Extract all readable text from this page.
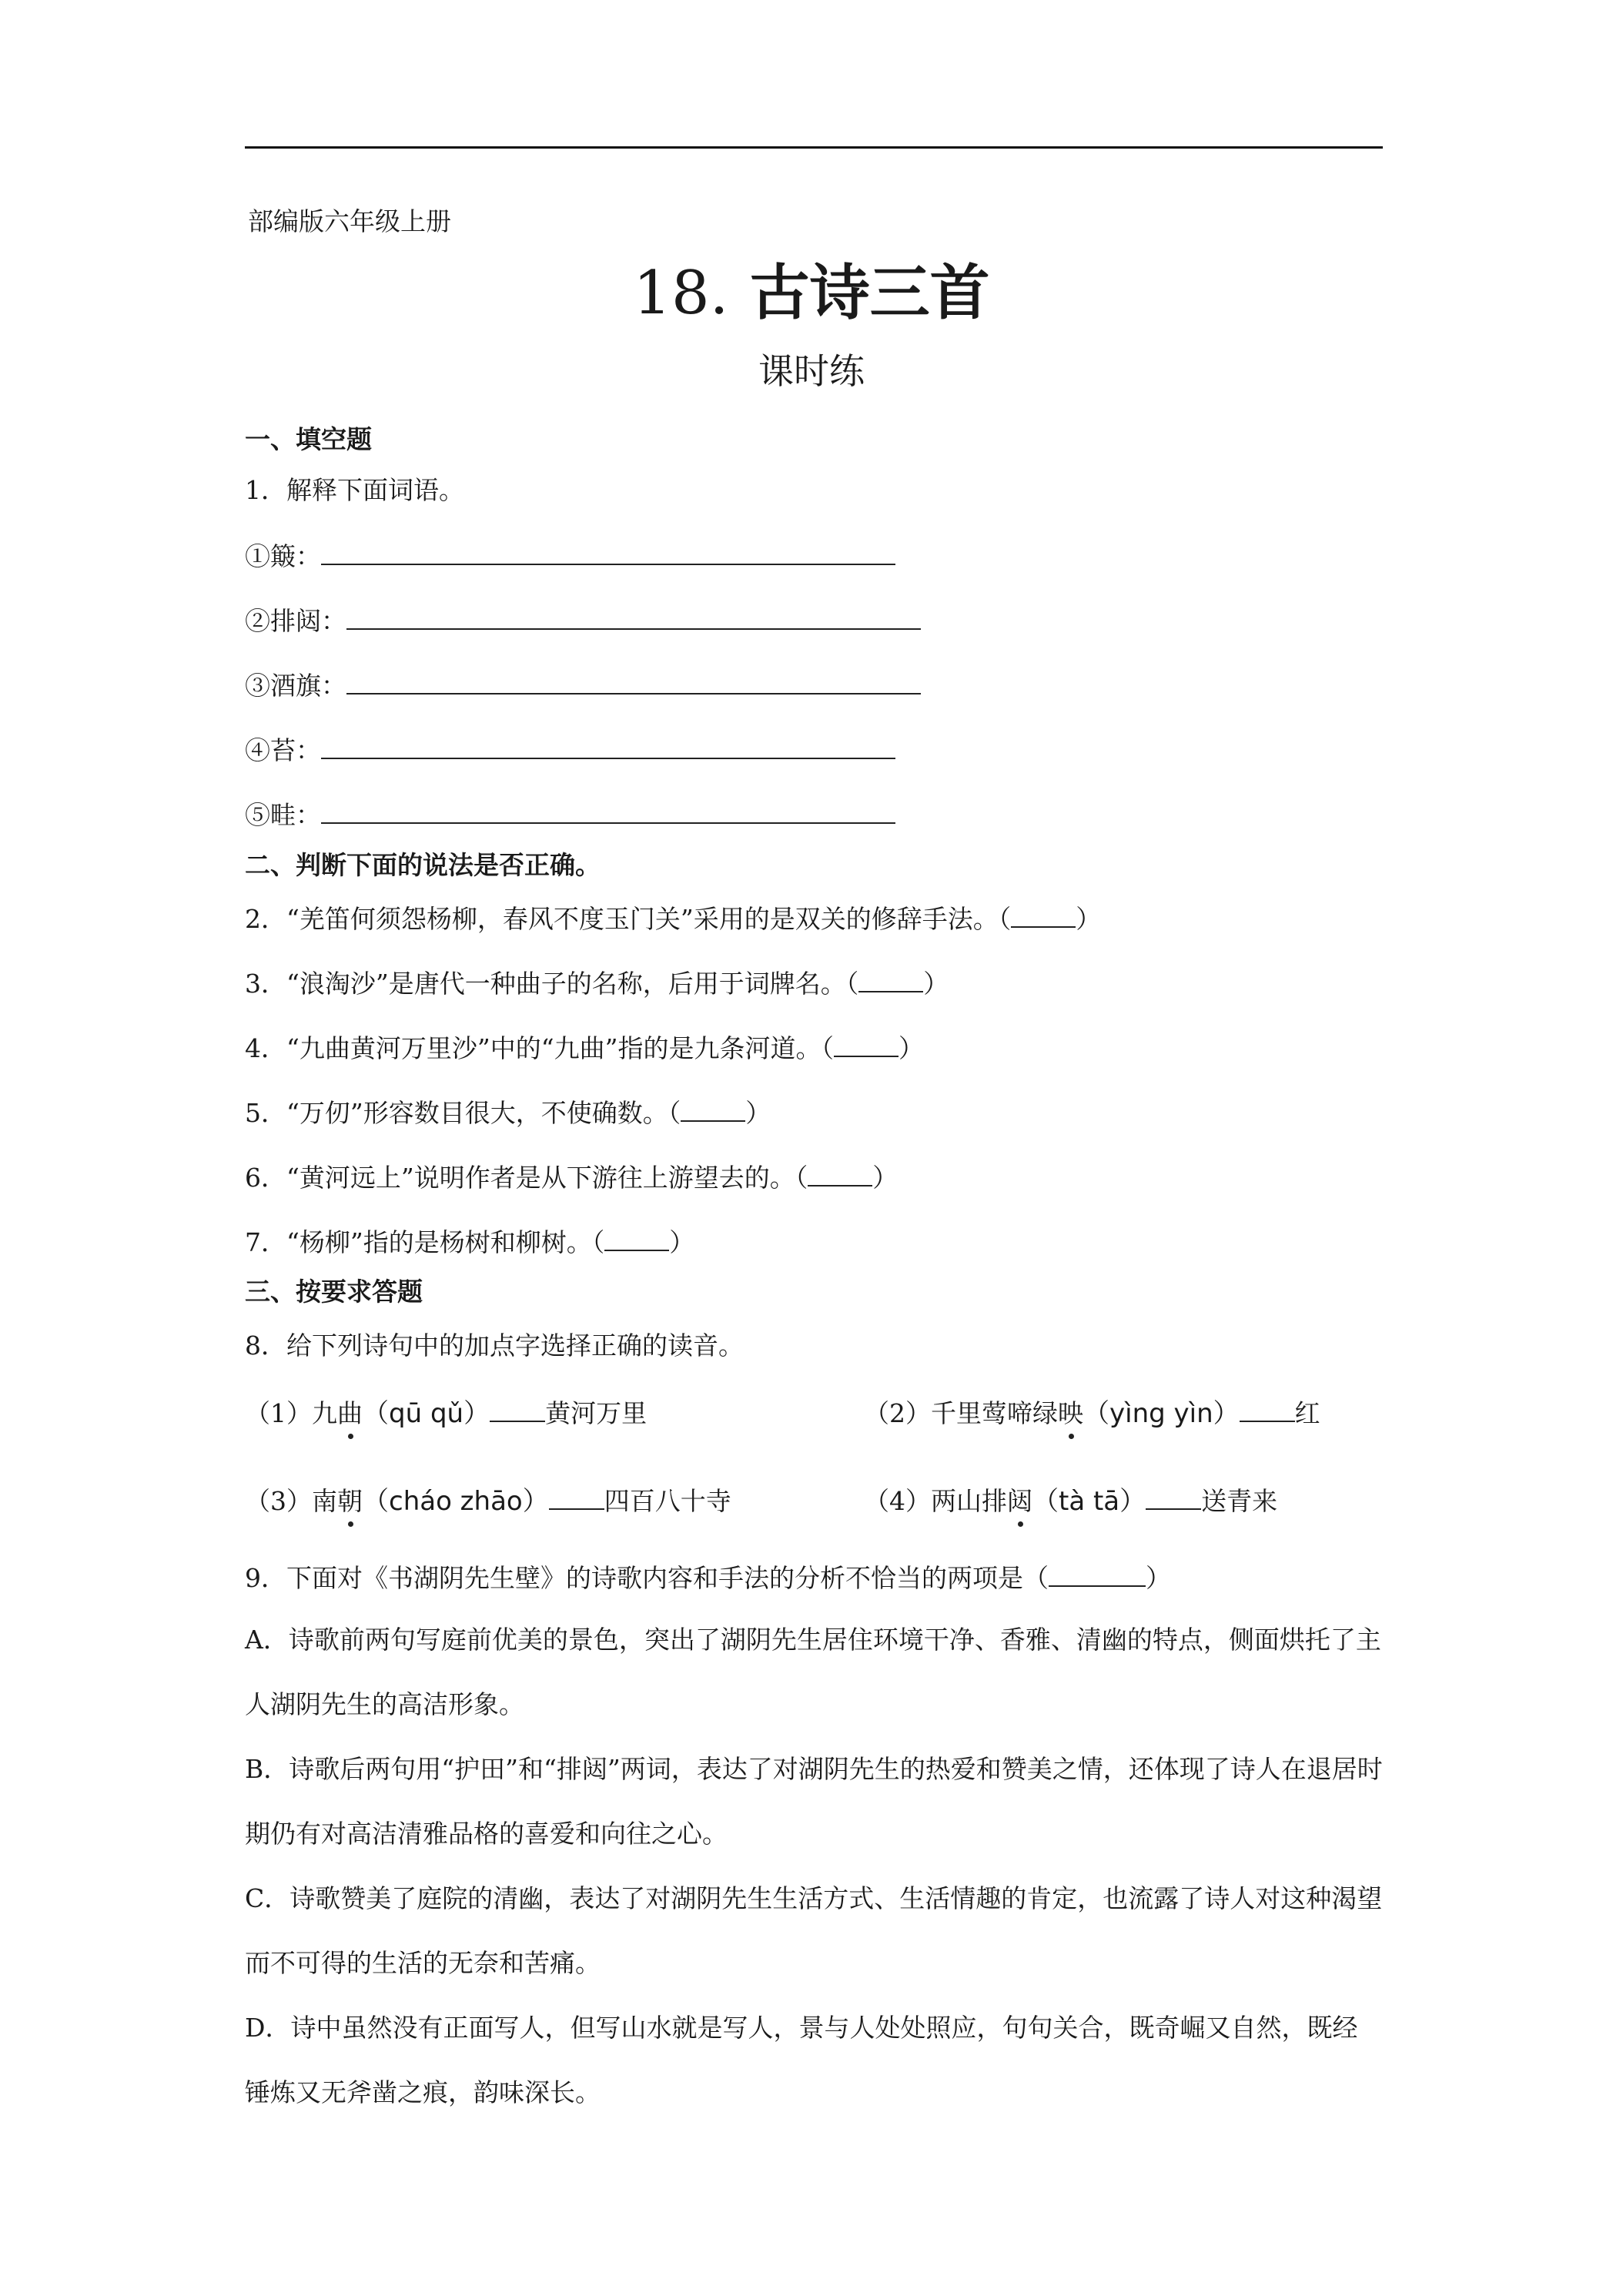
部编版六年级上册
18. 古诗三首
课时练
一、填空题
1．解释下面词语。
①簸：
②排闼：
③酒旗：
④苔：
⑤畦：
二、判断下面的说法是否正确。
2．“羌笛何须怨杨柳，春风不度玉门关”采用的是双关的修辞手法。（	）
3．“浪淘沙”是唐代一种曲子的名称，后用于词牌名。（	）
4．“九曲黄河万里沙”中的“九曲”指的是九条河道。（	）
5．“万仞”形容数目很大，不使确数。（	）
6．“黄河远上”说明作者是从下游往上游望去的。（	）
7．“杨柳”指的是杨树和柳树。（	）
三、按要求答题
8．给下列诗句中的加点字选择正确的读音。
（1）九曲（qū qǔ） 黄河万里	（2）千里莺啼绿映（yìng yìn） 红
（3）南朝（cháo zhāo） 四百八十寺	（4）两山排闼（tà tā） 送青来
9．下面对《书湖阴先生壁》的诗歌内容和手法的分析不恰当的两项是（	）
A．诗歌前两句写庭前优美的景色，突出了湖阴先生居住环境干净、香雅、清幽的特点，侧面烘托了主人湖阴先生的高洁形象。
B．诗歌后两句用“护田”和“排闼”两词，表达了对湖阴先生的热爱和赞美之情，还体现了诗人在退居时期仍有对高洁清雅品格的喜爱和向往之心。
C．诗歌赞美了庭院的清幽，表达了对湖阴先生生活方式、生活情趣的肯定，也流露了诗人对这种渴望而不可得的生活的无奈和苦痛。
D．诗中虽然没有正面写人，但写山水就是写人，景与人处处照应，句句关合，既奇崛又自然，既经锤炼又无斧凿之痕，韵味深长。
